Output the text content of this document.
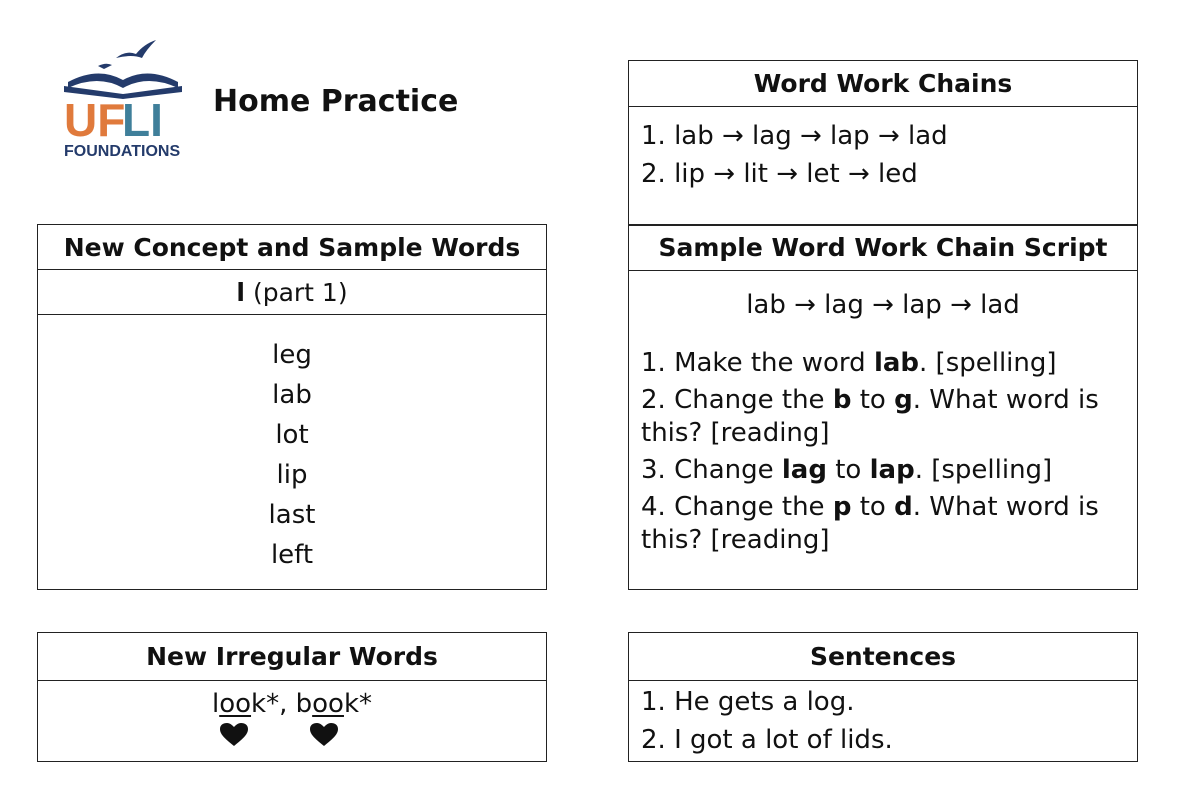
UF
LI
FOUNDATIONS
Home Practice
New Concept and Sample Words
l (part 1)
leg
lab
lot
lip
last
left
New Irregular Words
look*
, book*
Word Work Chains
1. lab → lag → lap → lad
2. lip → lit → let → led
Sample Word Work Chain Script
lab → lag → lap → lad
1. Make the word lab. [spelling]
2. Change the b to g. What word is this? [reading]
3. Change lag to lap. [spelling]
4. Change the p to d. What word is this? [reading]
Sentences
1. He gets a log.
2. I got a lot of lids.
